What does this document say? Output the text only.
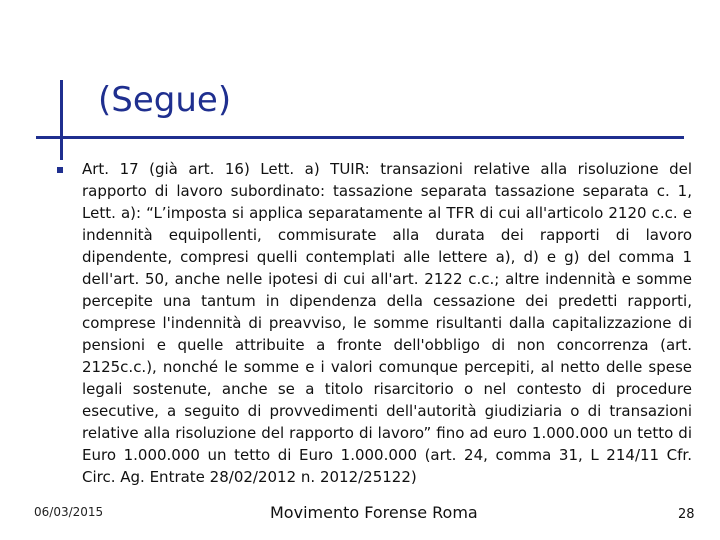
(Segue)

Art. 17 (già art. 16) Lett. a) TUIR: transazioni relative alla risoluzione del rapporto di lavoro subordinato: tassazione separata tassazione separata c. 1, Lett. a): “L’imposta si applica separatamente al TFR di cui all'articolo 2120 c.c. e indennità equipollenti, commisurate alla durata dei rapporti di lavoro dipendente, compresi quelli contemplati alle lettere a), d) e g) del comma 1 dell'art. 50, anche nelle ipotesi di cui all'art. 2122 c.c.; altre indennità e somme percepite una tantum in dipendenza della cessazione dei predetti rapporti, comprese l'indennità di preavviso, le somme risultanti dalla capitalizzazione di pensioni e quelle attribuite a fronte dell'obbligo di non concorrenza (art. 2125c.c.), nonché le somme e i valori comunque percepiti, al netto delle spese legali sostenute, anche se a titolo risarcitorio o nel contesto di procedure esecutive, a seguito di provvedimenti dell'autorità giudiziaria o di transazioni relative alla risoluzione del rapporto di lavoro” fino ad euro 1.000.000 un tetto di Euro 1.000.000 un tetto di Euro 1.000.000 (art. 24, comma 31, L 214/11 Cfr. Circ. Ag. Entrate 28/02/2012 n. 2012/25122)

06/03/2015	Movimento Forense Roma	28
